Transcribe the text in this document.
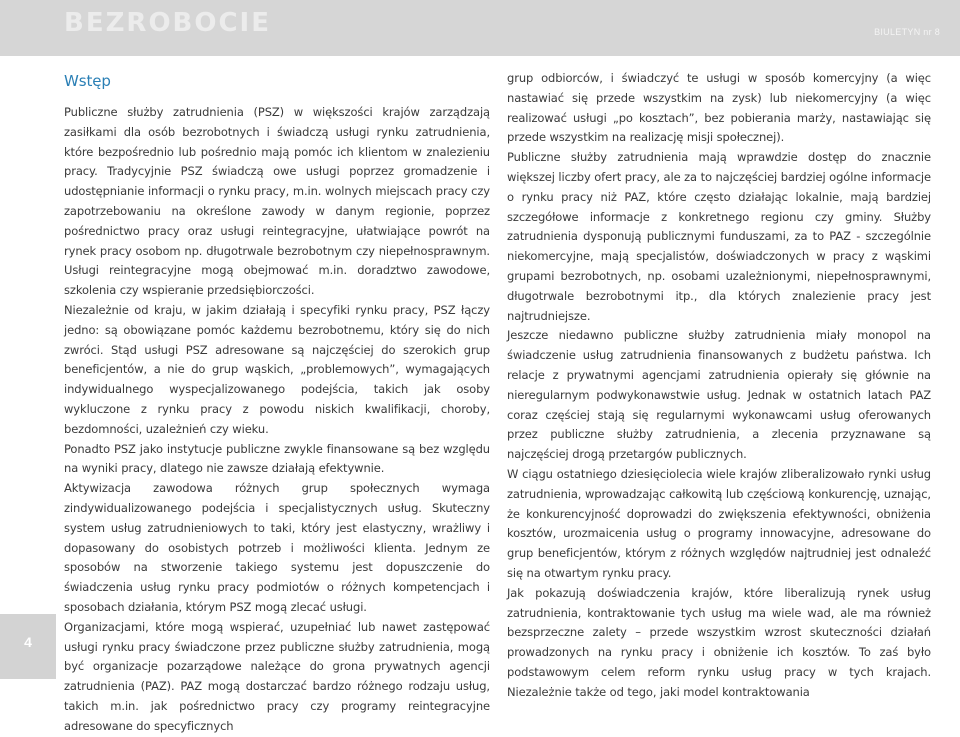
BEZROBOCIE	BIULETYN nr 8
Wstęp

Publiczne służby zatrudnienia (PSZ) w większości krajów zarządzają zasiłkami dla osób bezrobotnych i świadczą usługi rynku zatrudnienia, które bezpośrednio lub pośrednio mają pomóc ich klientom w znalezieniu pracy. Tradycyjnie PSZ świadczą owe usługi poprzez gromadzenie i udostępnianie informacji o rynku pracy, m.in. wolnych miejscach pracy czy zapotrzebowaniu na określone zawody w danym regionie, poprzez pośrednictwo pracy oraz usługi reintegracyjne, ułatwiające powrót na rynek pracy osobom np. długotrwale bezrobotnym czy niepełnosprawnym. Usługi reintegracyjne mogą obejmować m.in. doradztwo zawodowe, szkolenia czy wspieranie przedsiębiorczości.

Niezależnie od kraju, w jakim działają i specyfiki rynku pracy, PSZ łączy jedno: są obowiązane pomóc każdemu bezrobotnemu, który się do nich zwróci. Stąd usługi PSZ adresowane są najczęściej do szerokich grup beneficjentów, a nie do grup wąskich, „problemowych”, wymagających indywidualnego wyspecjalizowanego podejścia, takich jak osoby wykluczone z rynku pracy z powodu niskich kwalifikacji, choroby, bezdomności, uzależnień czy wieku.

Ponadto PSZ jako instytucje publiczne zwykle finansowane są bez względu na wyniki pracy, dlatego nie zawsze działają efektywnie.

Aktywizacja zawodowa różnych grup społecznych wymaga zindywidualizowanego podejścia i specjalistycznych usług. Skuteczny system usług zatrudnieniowych to taki, który jest elastyczny, wrażliwy i dopasowany do osobistych potrzeb i możliwości klienta. Jednym ze sposobów na stworzenie takiego systemu jest dopuszczenie do świadczenia usług rynku pracy podmiotów o różnych kompetencjach i sposobach działania, którym PSZ mogą zlecać usługi.

Organizacjami, które mogą wspierać, uzupełniać lub nawet zastępować usługi rynku pracy świadczone przez publiczne służby zatrudnienia, mogą być organizacje pozarządowe należące do grona prywatnych agencji zatrudnienia (PAZ). PAZ mogą dostarczać bardzo różnego rodzaju usług, takich m.in. jak pośrednictwo pracy czy programy reintegracyjne adresowane do specyficznych

grup odbiorców, i świadczyć te usługi w sposób komercyjny (a więc nastawiać się przede wszystkim na zysk) lub niekomercyjny (a więc realizować usługi „po kosztach”, bez pobierania marży, nastawiając się przede wszystkim na realizację misji społecznej).

Publiczne służby zatrudnienia mają wprawdzie dostęp do znacznie większej liczby ofert pracy, ale za to najczęściej bardziej ogólne informacje o rynku pracy niż PAZ, które często działając lokalnie, mają bardziej szczegółowe informacje z konkretnego regionu czy gminy. Służby zatrudnienia dysponują publicznymi funduszami, za to PAZ - szczególnie niekomercyjne, mają specjalistów, doświadczonych w pracy z wąskimi grupami bezrobotnych, np. osobami uzależnionymi, niepełnosprawnymi, długotrwale bezrobotnymi itp., dla których znalezienie pracy jest najtrudniejsze.

Jeszcze niedawno publiczne służby zatrudnienia miały monopol na świadczenie usług zatrudnienia finansowanych z budżetu państwa. Ich relacje z prywatnymi agencjami zatrudnienia opierały się głównie na nieregularnym podwykonawstwie usług. Jednak w ostatnich latach PAZ coraz częściej stają się regularnymi wykonawcami usług oferowanych przez publiczne służby zatrudnienia, a zlecenia przyznawane są najczęściej drogą przetargów publicznych.

W ciągu ostatniego dziesięciolecia wiele krajów zliberalizowało rynki usług zatrudnienia, wprowadzając całkowitą lub częściową konkurencję, uznając, że konkurencyjność doprowadzi do zwiększenia efektywności, obniżenia kosztów, urozmaicenia usług o programy innowacyjne, adresowane do grup beneficjentów, którym z różnych względów najtrudniej jest odnaleźć się na otwartym rynku pracy.

Jak pokazują doświadczenia krajów, które liberalizują rynek usług zatrudnienia, kontraktowanie tych usług ma wiele wad, ale ma również bezsprzeczne zalety – przede wszystkim wzrost skuteczności działań prowadzonych na rynku pracy i obniżenie ich kosztów. To zaś było podstawowym celem reform rynku usług pracy w tych krajach. Niezależnie także od tego, jaki model kontraktowania

4
